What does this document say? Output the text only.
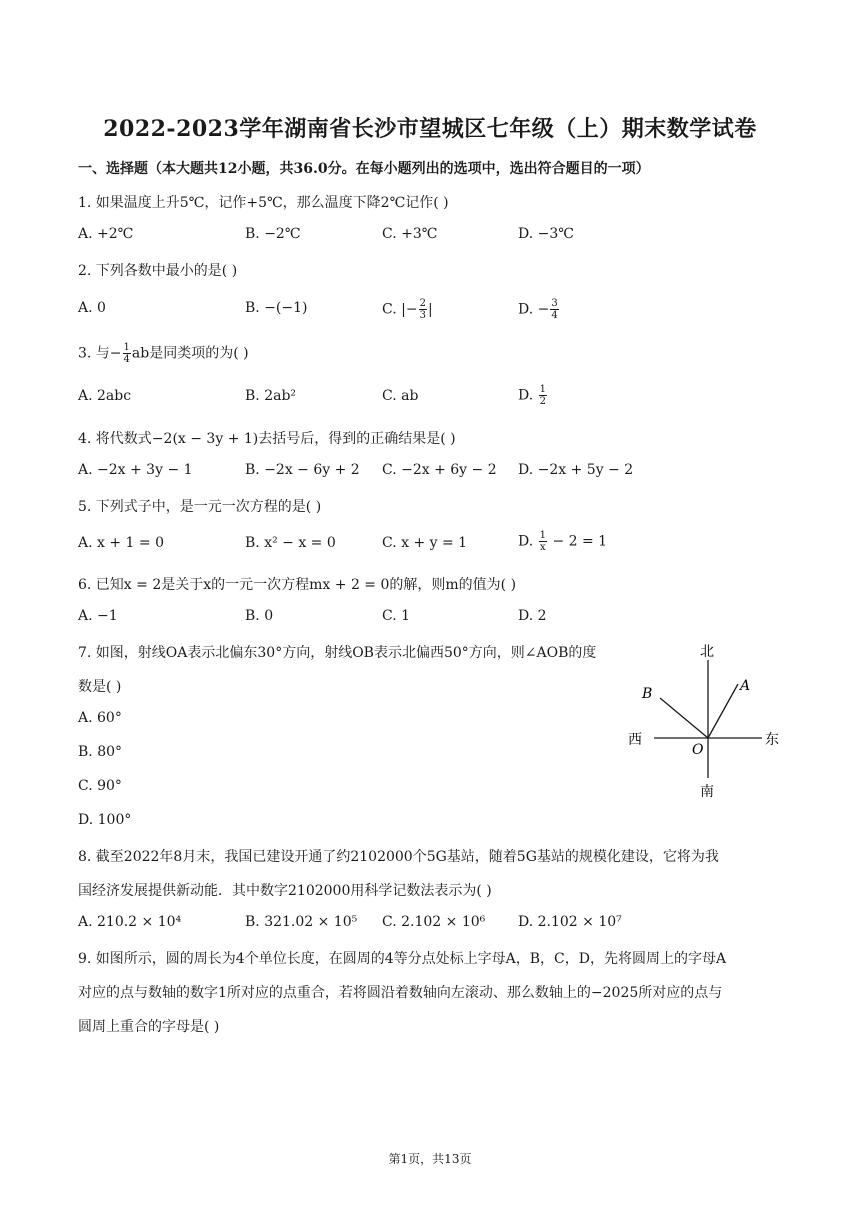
2022-2023学年湖南省长沙市望城区七年级（上）期末数学试卷
一、选择题（本大题共12小题，共36.0分。在每小题列出的选项中，选出符合题目的一项）
1. 如果温度上升5℃，记作+5℃，那么温度下降2℃记作( )
A. +2℃	B. −2℃	C. +3℃	D. −3℃
2. 下列各数中最小的是( )
A. 0	B. −(−1)	C. |− $\frac{2}{3}$ |	D. − $\frac{3}{4}$
3. 与− $\frac{1}{4}$ ab是同类项的为( )
A. 2abc	B. 2ab²	C. ab	D. $\frac{1}{2}$
4. 将代数式−2(x − 3y + 1)去括号后，得到的正确结果是( )
A. −2x + 3y − 1	B. −2x − 6y + 2 C. −2x + 6y − 2 D. −2x + 5y − 2
5. 下列式子中，是一元一次方程的是( )
A. x + 1 = 0	B. x² − x = 0	C. x + y = 1	D. $\frac{1}{x} - 2 = 1$
6. 已知x = 2是关于x的一元一次方程mx + 2 = 0的解，则m的值为( )
A. −1	B. 0	C. 1	D. 2
7. 如图，射线OA表示北偏东30°方向，射线OB表示北偏西50°方向，则∠AOB的度
数是( )
A. 60°
B. 80°
C. 90°
D. 100°
北
南
西	东
O
A
B
8. 截至2022年8月末，我国已建设开通了约2102000个5G基站，随着5G基站的规模化建设，它将为我
国经济发展提供新动能．其中数字2102000用科学记数法表示为( )
A. 210.2 × 10⁴	B. 321.02 × 10⁵ C. 2.102 × 10⁶ D. 2.102 × 10⁷
9. 如图所示，圆的周长为4个单位长度，在圆周的4等分点处标上字母A，B，C，D，先将圆周上的字母A
对应的点与数轴的数字1所对应的点重合，若将圆沿着数轴向左滚动、那么数轴上的−2025所对应的点与
圆周上重合的字母是( )
第1页，共13页
